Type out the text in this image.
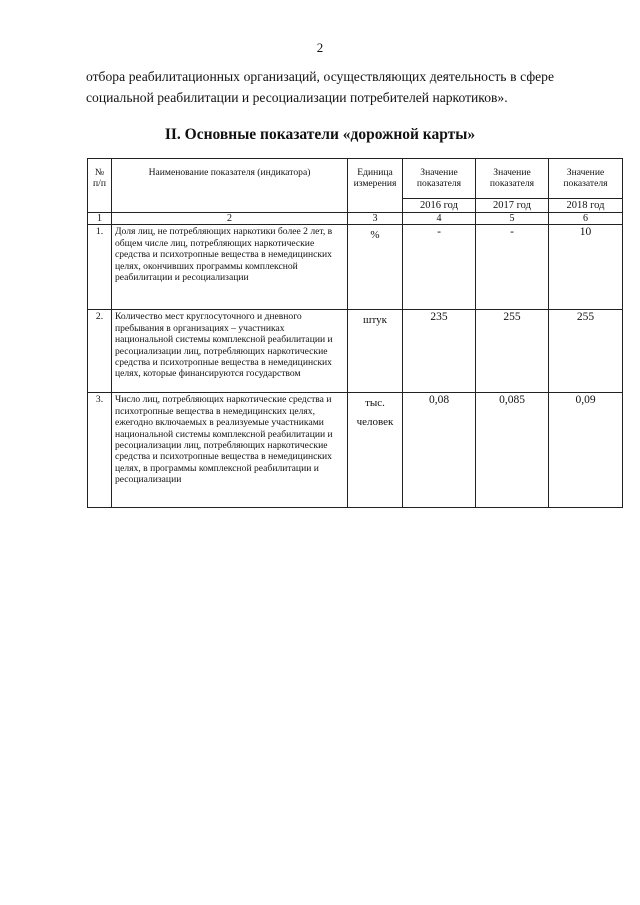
2
отбора реабилитационных организаций, осуществляющих деятельность в сфере социальной реабилитации и ресоциализации потребителей наркотиков».
II. Основные показатели «дорожной карты»
№ п/п	Наименование показателя (индикатора)	Единица измерения	Значение показателя	Значение показателя	Значение показателя
			2016 год	2017 год	2018 год
1	2	3	4	5	6
1.	Доля лиц, не потребляющих наркотики более 2 лет, в общем числе лиц, потребляющих наркотические средства и психотропные вещества в немедицинских целях, окончивших программы комплексной реабилитации и ресоциализации	%	-	-	10
2.	Количество мест круглосуточного и дневного пребывания в организациях – участниках национальной системы комплексной реабилитации и ресоциализации лиц, потребляющих наркотические средства и психотропные вещества в немедицинских целях, которые финансируются государством	штук	235	255	255
3.	Число лиц, потребляющих наркотические средства и психотропные вещества в немедицинских целях, ежегодно включаемых в реализуемые участниками национальной системы комплексной реабилитации и ресоциализации лиц, потребляющих наркотические средства и психотропные вещества в немедицинских целях, в программы комплексной реабилитации и ресоциализации	тыс. человек	0,08	0,085	0,09
